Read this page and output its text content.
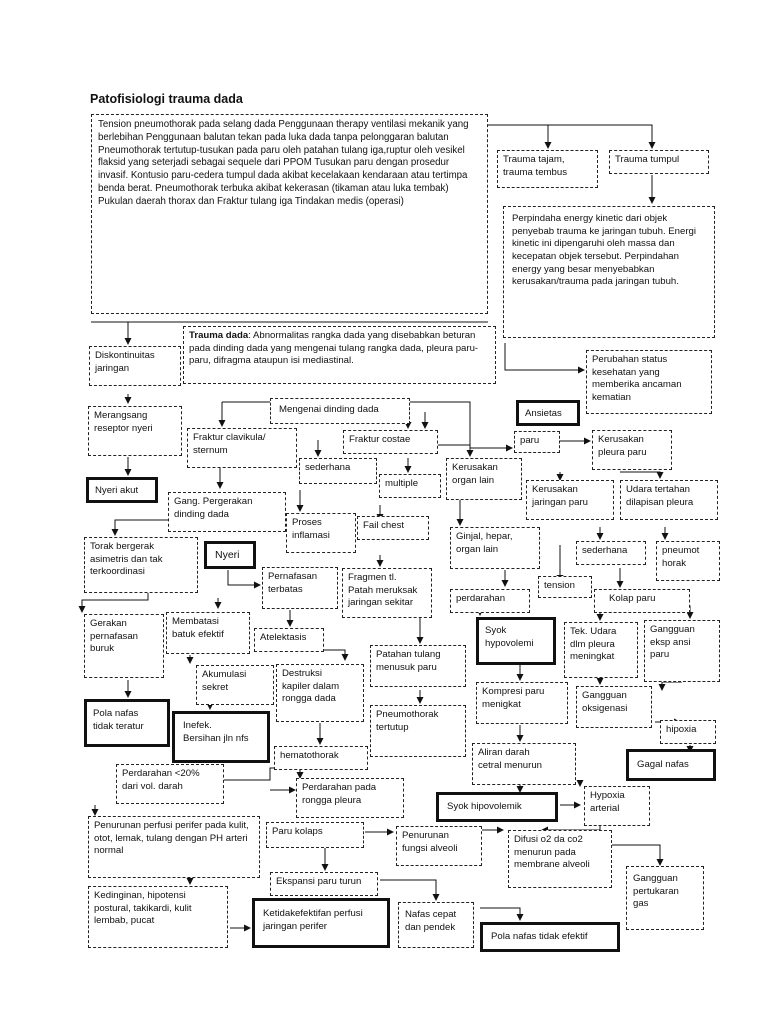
Patofisiologi trauma dada
Tension pneumothorak pada selang dada Penggunaan therapy ventilasi mekanik yang berlebihan Penggunaan balutan tekan pada luka dada tanpa pelonggaran balutan Pneumothorak tertutup-tusukan pada paru oleh patahan tulang iga,ruptur oleh vesikel flaksid yang seterjadi sebagai sequele dari PPOM Tusukan paru dengan prosedur invasif. Kontusio paru-cedera tumpul dada akibat kecelakaan kendaraan atau tertimpa benda berat. Pneumothorak terbuka akibat kekerasan (tikaman atau luka tembak) Pukulan daerah thorax dan Fraktur tulang iga Tindakan medis (operasi)
Trauma tajam,
trauma tembus
Trauma tumpul
Perpindaha energy kinetic dari objek penyebab trauma ke jaringan tubuh. Energi kinetic ini dipengaruhi oleh massa dan kecepatan objek tersebut. Perpindahan energy yang besar menyebabkan kerusakan/trauma pada jaringan tubuh.
Trauma dada: Abnormalitas rangka dada yang disebabkan beturan pada dinding dada yang mengenai tulang rangka dada, pleura paru-paru, difragma ataupun isi mediastinal.
Diskontinuitas
jaringan
Perubahan status
kesehatan yang
memberika ancaman
kematian
Ansietas
Merangsang
reseptor nyeri
Mengenai dinding dada
paru	Kerusakan
pleura paru
Fraktur clavikula/
sternum
Fraktur costae
sederhana
multiple
Kerusakan
organ lain
Kerusakan
jaringan paru
Udara tertahan
dilapisan pleura
Nyeri akut
Gang. Pergerakan
dinding dada
Proses
inflamasi
Fail chest
Ginjal, hepar,
organ lain	sederhana	pneumot
horak
Torak bergerak
asimetris dan tak
terkoordinasi
Nyeri
Pernafasan
terbatas
Fragmen tl.
Patah meruksak
jaringan sekitar
tension
perdarahan	Kolap paru
Gerakan
pernafasan
buruk
Membatasi
batuk efektif	Atelektasis
Syok
hypovolemi
Tek. Udara
dlm pleura
meningkat
Gangguan
eksp ansi
paru
Akumulasi
sekret
Destruksi
kapiler dalam
rongga dada
Patahan tulang
menusuk paru
Pola nafas
tidak teratur	Inefek.
Bersihan jln nfs
Kompresi paru
menigkat
Gangguan
oksigenasi
hipoxia
Pneumothorak
tertutup
hematothorak	Aliran darah
cetral menurun	Gagal nafas
Perdarahan <20%
dari vol. darah	Perdarahan pada
rongga pleura
Syok hipovolemik
Hypoxia
arterial
Penurunan perfusi perifer pada kulit, otot, lemak, tulang dengan PH arteri normal
Paru kolaps	Penurunan
fungsi alveoli
Difusi o2 da co2
menurun pada
membrane alveoli
Gangguan
pertukaran
gas
Ekspansi paru turun
Kedinginan, hipotensi postural, takikardi, kulit lembab, pucat
Ketidakefektifan perfusi
jaringan perifer
Nafas cepat
dan pendek
Pola nafas tidak efektif
